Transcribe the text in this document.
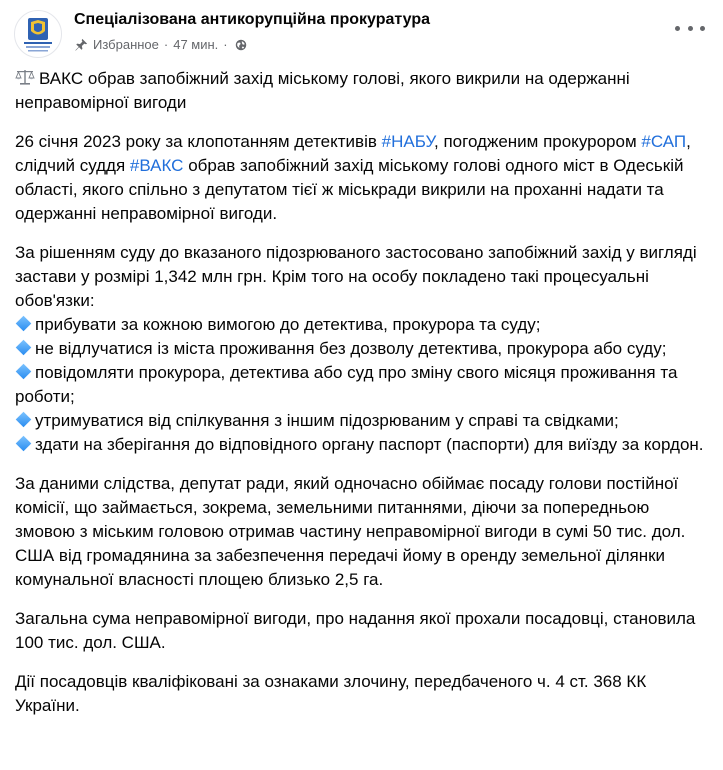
Спеціалізована антикорупційна прокуратура
Избранное · 47 мин. ·

ВАКС обрав запобіжний захід міському голові, якого викрили на одержанні неправомірної вигоди

26 січня 2023 року за клопотанням детективів #НАБУ, погодженим прокурором #САП, слідчий суддя #ВАКС обрав запобіжний захід міському голові одного міст в Одеській області, якого спільно з депутатом тієї ж міськради викрили на проханні надати та одержанні неправомірної вигоди.

За рішенням суду до вказаного підозрюваного застосовано запобіжний захід у вигляді застави у розмірі 1,342 млн грн. Крім того на особу покладено такі процесуальні обов'язки:
прибувати за кожною вимогою до детектива, прокурора та суду;
не відлучатися із міста проживання без дозволу детектива, прокурора або суду;
повідомляти прокурора, детектива або суд про зміну свого місяця проживання та роботи;
утримуватися від спілкування з іншим підозрюваним у справі та свідками;
здати на зберігання до відповідного органу паспорт (паспорти) для виїзду за кордон.

За даними слідства, депутат ради, який одночасно обіймає посаду голови постійної комісії, що займається, зокрема, земельними питаннями, діючи за попередньою змовою з міським головою отримав частину неправомірної вигоди в сумі 50 тис. дол. США від громадянина за забезпечення передачі йому в оренду земельної ділянки комунальної власності площею близько 2,5 га.

Загальна сума неправомірної вигоди, про надання якої прохали посадовці, становила 100 тис. дол. США.

Дії посадовців кваліфіковані за ознаками злочину, передбаченого ч. 4 ст. 368 КК України.
